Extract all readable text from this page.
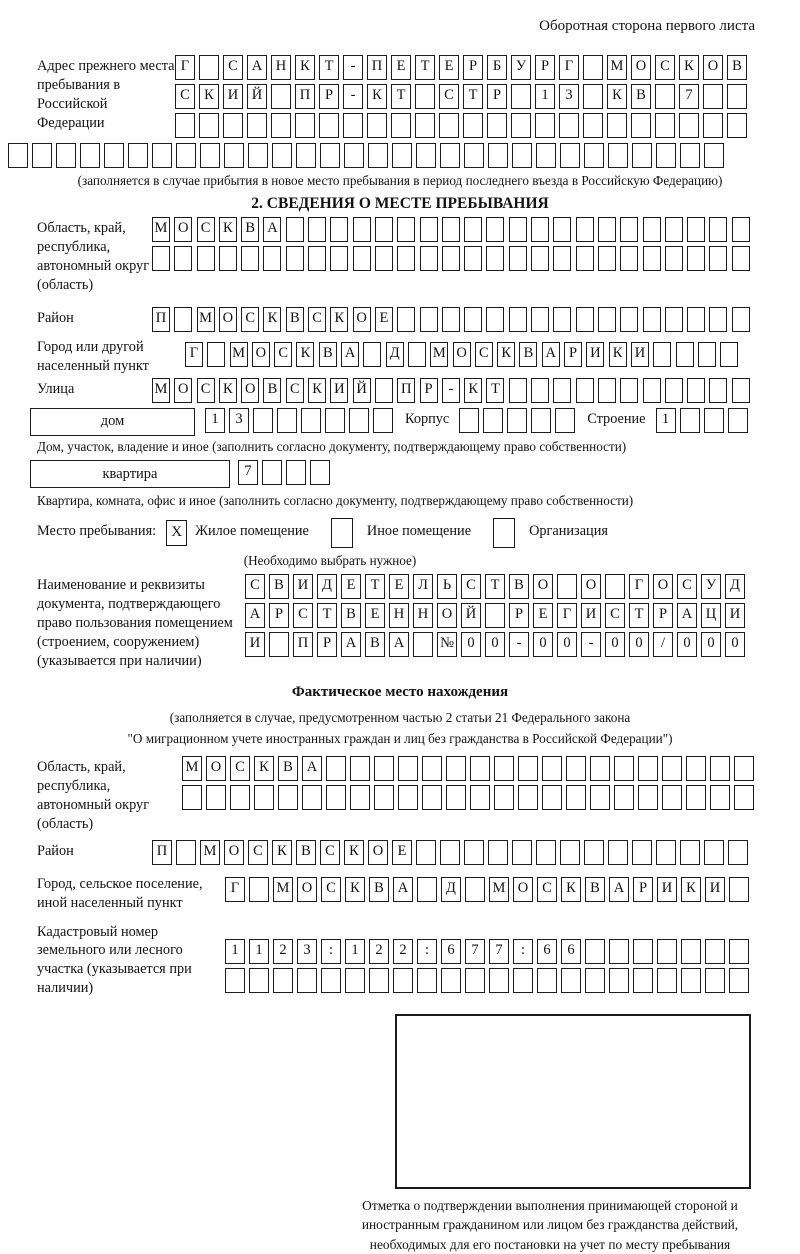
Оборотная сторона первого листа
Адрес прежнего места пребывания в Российской Федерации
Г	С А Н К Т - П Е Т Е Р Б У Р Г	М О С К О В
С К И Й	П Р - К Т	С Т Р	1 3	К В	7
(заполняется в случае прибытия в новое место пребывания в период последнего въезда в Российскую Федерацию)
2. СВЕДЕНИЯ О МЕСТЕ ПРЕБЫВАНИЯ
Область, край, республика, автономный округ (область)
М О С К В А
Район	П М О С К В С К О Е
Город или другой населенный пункт
Г М О С К В А Д М О С К В А Р И К И
Улица	М О С К О В С К И Й П Р - К Т
дом	1 3	Корпус	Строение	1
Дом, участок, владение и иное (заполнить согласно документу, подтверждающему право собственности)
квартира	7
Квартира, комната, офис и иное (заполнить согласно документу, подтверждающему право собственности)
Место пребывания:	X Жилое помещение	Иное помещение	Организация
(Необходимо выбрать нужное)
Наименование и реквизиты документа, подтверждающего право пользования помещением (строением, сооружением) (указывается при наличии)
С В И Д Е Т Е Л Ь С Т В О	О	Г О С У Д
А Р С Т В Е Н Н О Й	Р Е Г И С Т Р А Ц И
И	П Р А В А № 0 0 - 0 0 - 0 0 / 0 0 0
Фактическое место нахождения
(заполняется в случае, предусмотренном частью 2 статьи 21 Федерального закона
"О миграционном учете иностранных граждан и лиц без гражданства в Российской Федерации")
Область, край, республика, автономный округ (область)
М О С К В А
Район	П	М О С К В С К О Е
Город, сельское поселение, иной населенный пункт
Г	М О С К В А	Д	М О С К В А Р И К И
Кадастровый номер земельного или лесного участка (указывается при наличии)
1 1 2 3 : 1 2 2 : 6 7 7 : 6 6
Отметка о подтверждении выполнения принимающей стороной и иностранным гражданином или лицом без гражданства действий, необходимых для его постановки на учет по месту пребывания
